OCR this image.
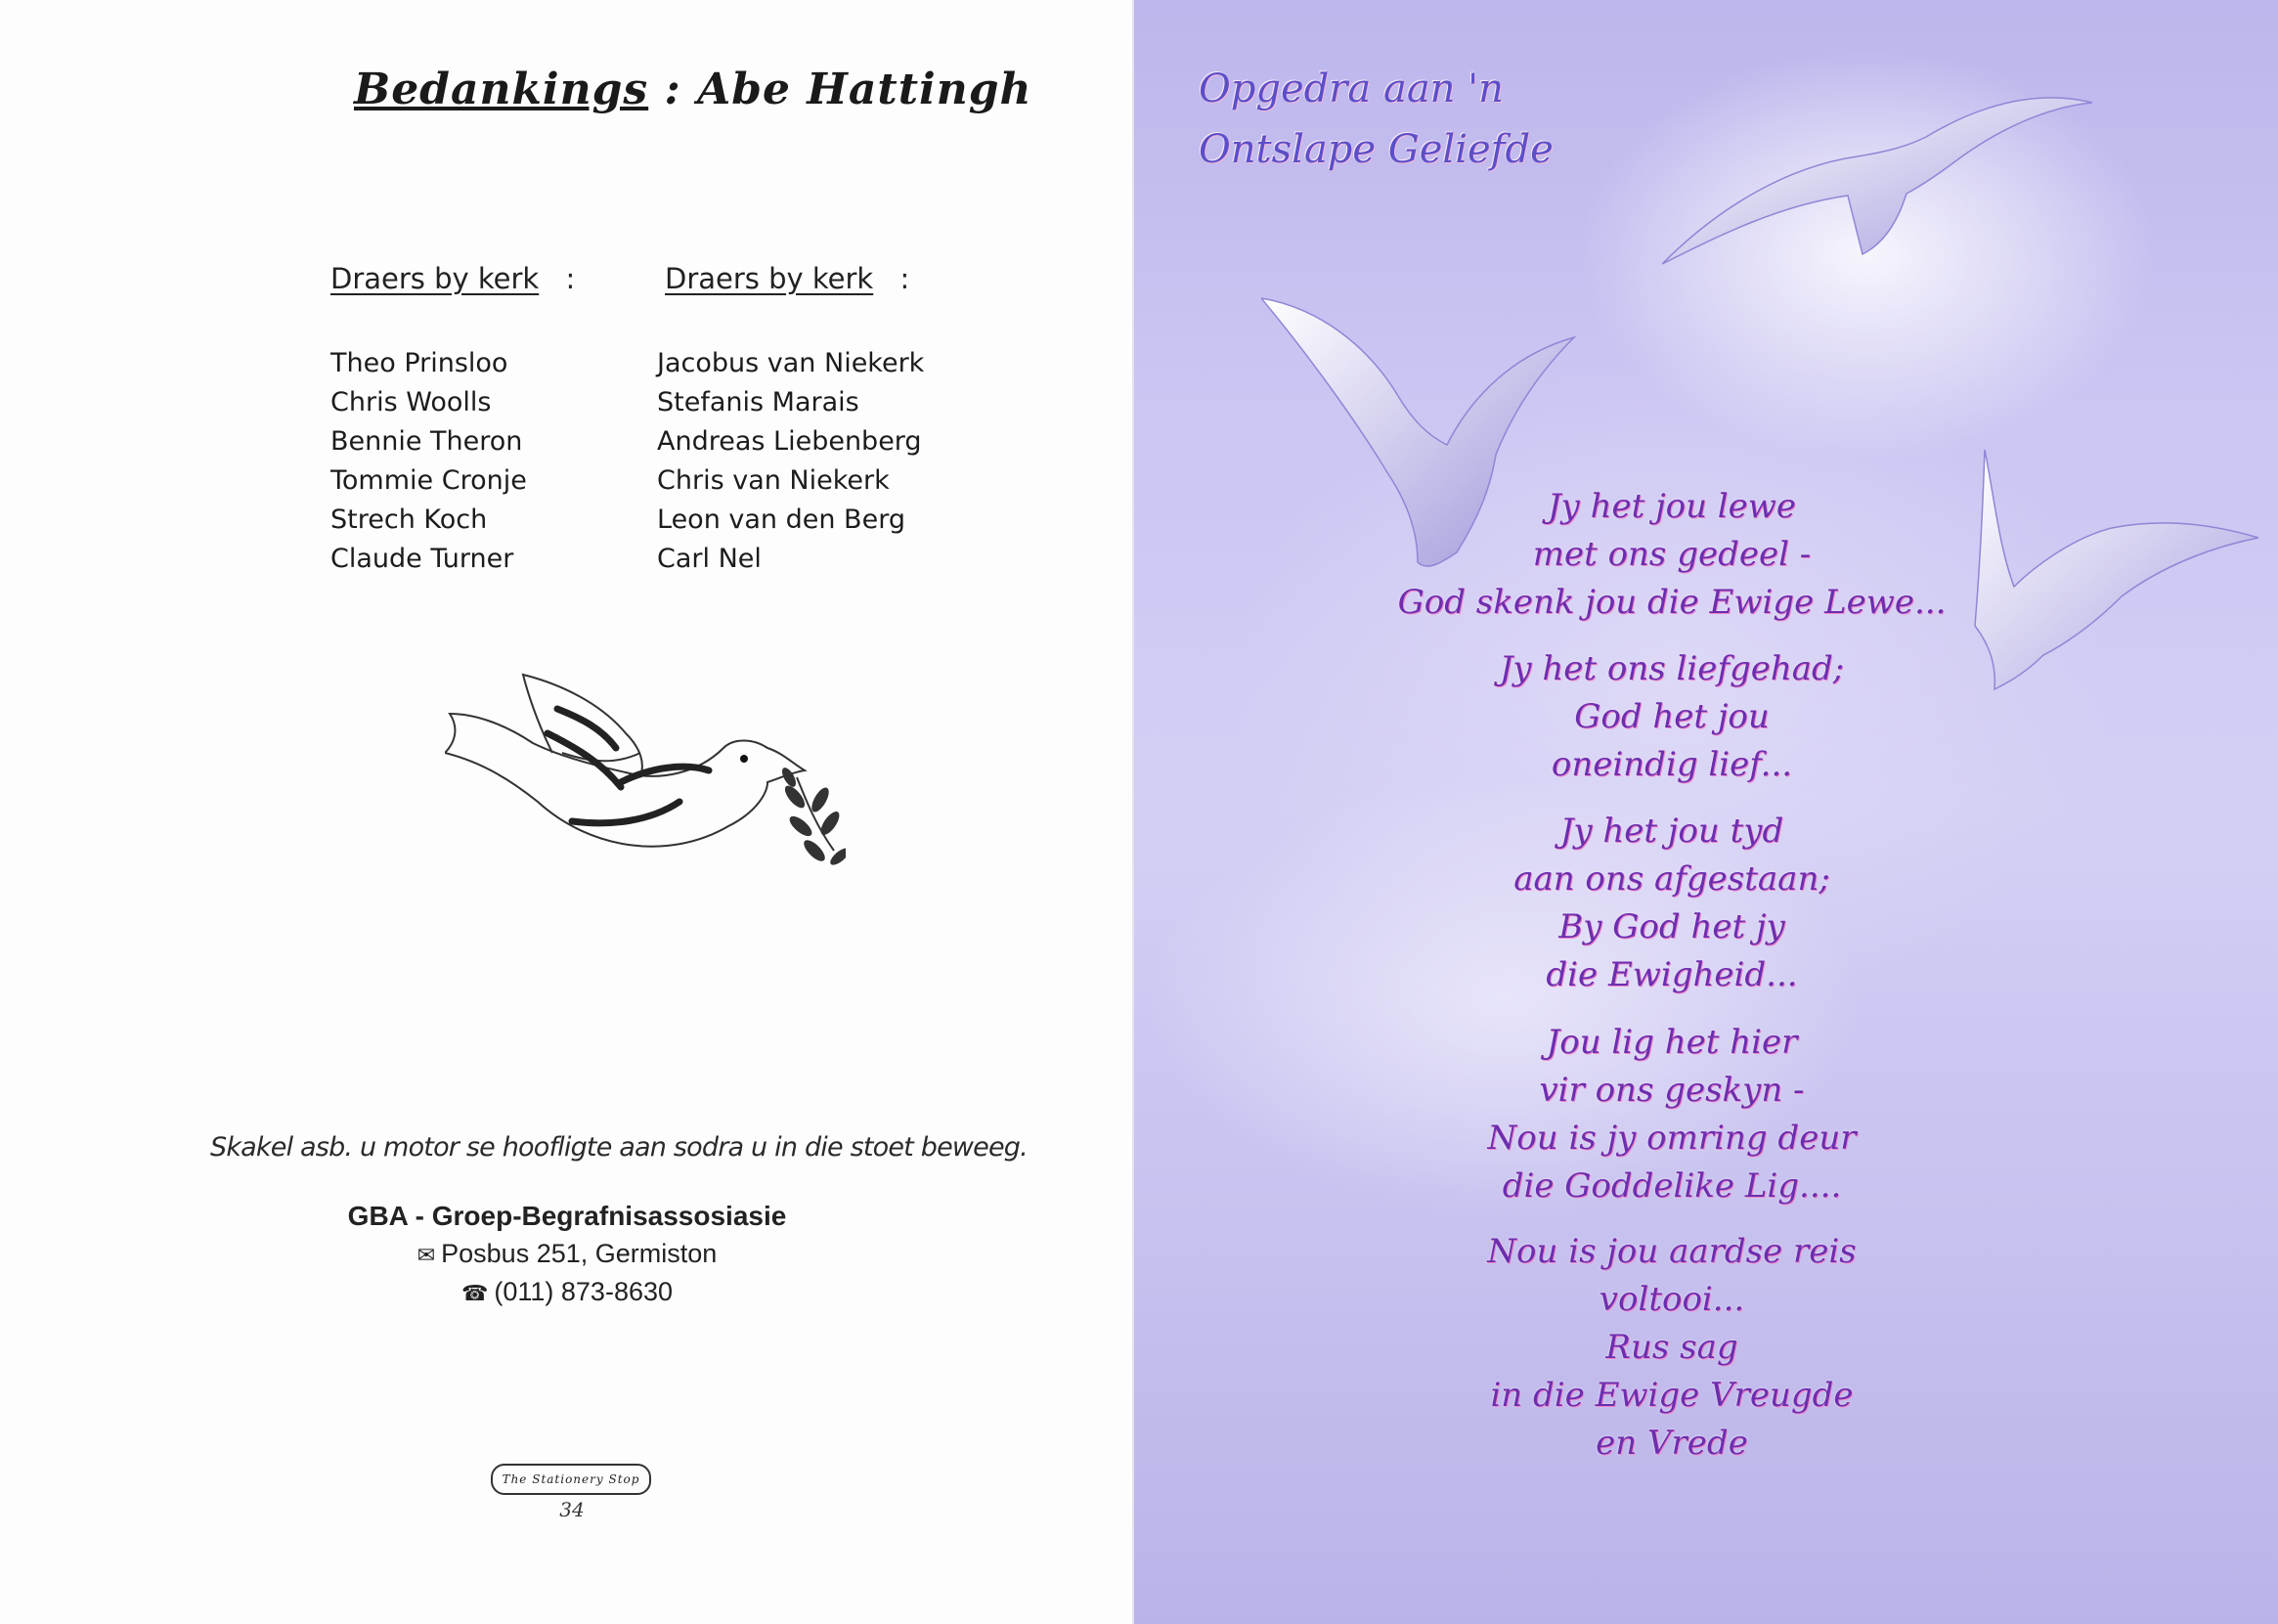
Bedankings : Abe Hattingh
Draers by kerk :	Draers by kerk :
Theo Prinsloo
Chris Woolls
Bennie Theron
Tommie Cronje
Strech Koch
Claude Turner
Jacobus van Niekerk
Stefanis Marais
Andreas Liebenberg
Chris van Niekerk
Leon van den Berg
Carl Nel
Skakel asb. u motor se hoofligte aan sodra u in die stoet beweeg.
GBA - Groep-Begrafnisassosiasie
✉ Posbus 251, Germiston
☎ (011) 873-8630
The Stationery Stop
34
Opgedra aan 'n
Ontslape Geliefde
Jy het jou lewe
met ons gedeel -
God skenk jou die Ewige Lewe...
Jy het ons liefgehad;
God het jou
oneindig lief...
Jy het jou tyd
aan ons afgestaan;
By God het jy
die Ewigheid...
Jou lig het hier
vir ons geskyn -
Nou is jy omring deur
die Goddelike Lig....
Nou is jou aardse reis
voltooi...
Rus sag
in die Ewige Vreugde
en Vrede
